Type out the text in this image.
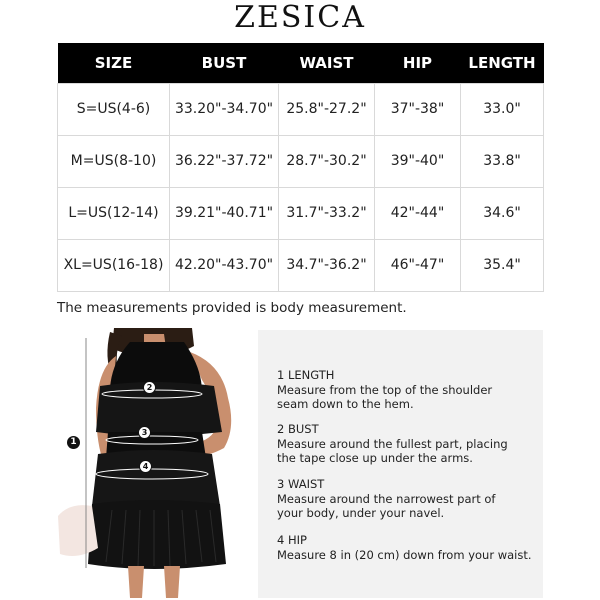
ZESICA
SIZE	BUST	WAIST	HIP	LENGTH
S=US(4-6)	33.20"-34.70"	25.8"-27.2"	37"-38"	33.0"
M=US(8-10)	36.22"-37.72"	28.7"-30.2"	39"-40"	33.8"
L=US(12-14)	39.21"-40.71"	31.7"-33.2"	42"-44"	34.6"
XL=US(16-18)	42.20"-43.70"	34.7"-36.2"	46"-47"	35.4"
The measurements provided is body measurement.
1
2
3
4
1 LENGTH
Measure from the top of the shoulder
seam down to the hem.
2 BUST
Measure around the fullest part, placing
the tape close up under the arms.
3 WAIST
Measure around the narrowest part of
your body, under your navel.
4 HIP
Measure 8 in (20 cm) down from your waist.
